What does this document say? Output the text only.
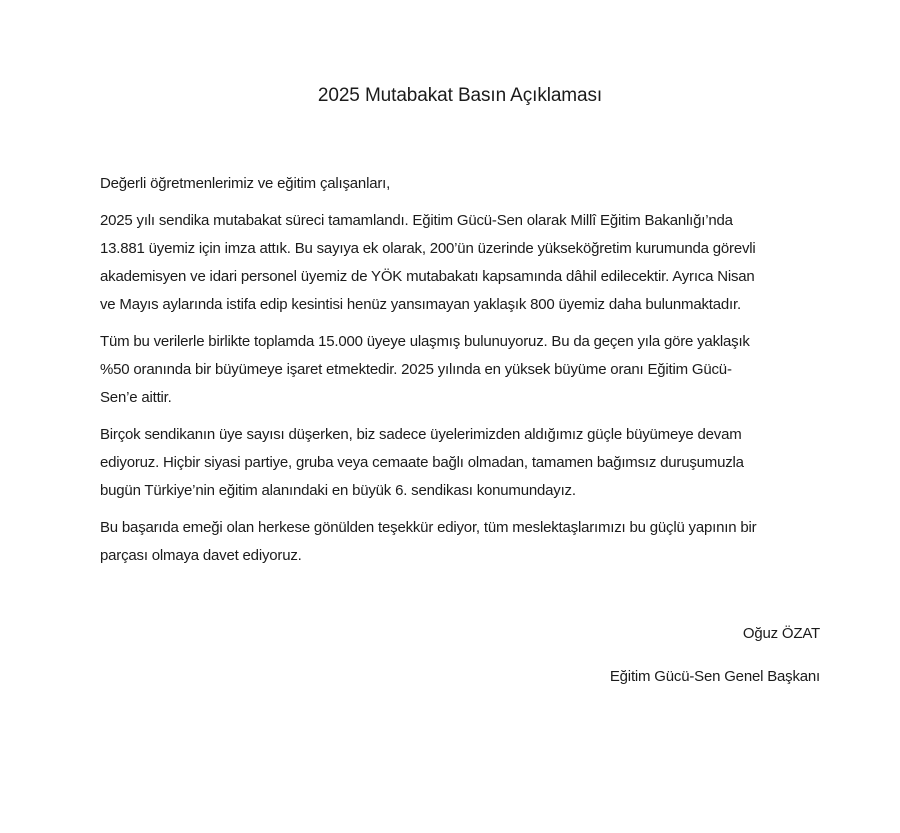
2025 Mutabakat Basın Açıklaması

Değerli öğretmenlerimiz ve eğitim çalışanları,

2025 yılı sendika mutabakat süreci tamamlandı. Eğitim Gücü-Sen olarak Millî Eğitim Bakanlığı’nda
13.881 üyemiz için imza attık. Bu sayıya ek olarak, 200’ün üzerinde yükseköğretim kurumunda görevli
akademisyen ve idari personel üyemiz de YÖK mutabakatı kapsamında dâhil edilecektir. Ayrıca Nisan
ve Mayıs aylarında istifa edip kesintisi henüz yansımayan yaklaşık 800 üyemiz daha bulunmaktadır.

Tüm bu verilerle birlikte toplamda 15.000 üyeye ulaşmış bulunuyoruz. Bu da geçen yıla göre yaklaşık
%50 oranında bir büyümeye işaret etmektedir. 2025 yılında en yüksek büyüme oranı Eğitim Gücü-
Sen’e aittir.

Birçok sendikanın üye sayısı düşerken, biz sadece üyelerimizden aldığımız güçle büyümeye devam
ediyoruz. Hiçbir siyasi partiye, gruba veya cemaate bağlı olmadan, tamamen bağımsız duruşumuzla
bugün Türkiye’nin eğitim alanındaki en büyük 6. sendikası konumundayız.

Bu başarıda emeği olan herkese gönülden teşekkür ediyor, tüm meslektaşlarımızı bu güçlü yapının bir
parçası olmaya davet ediyoruz.

Oğuz ÖZAT
Eğitim Gücü-Sen Genel Başkanı
